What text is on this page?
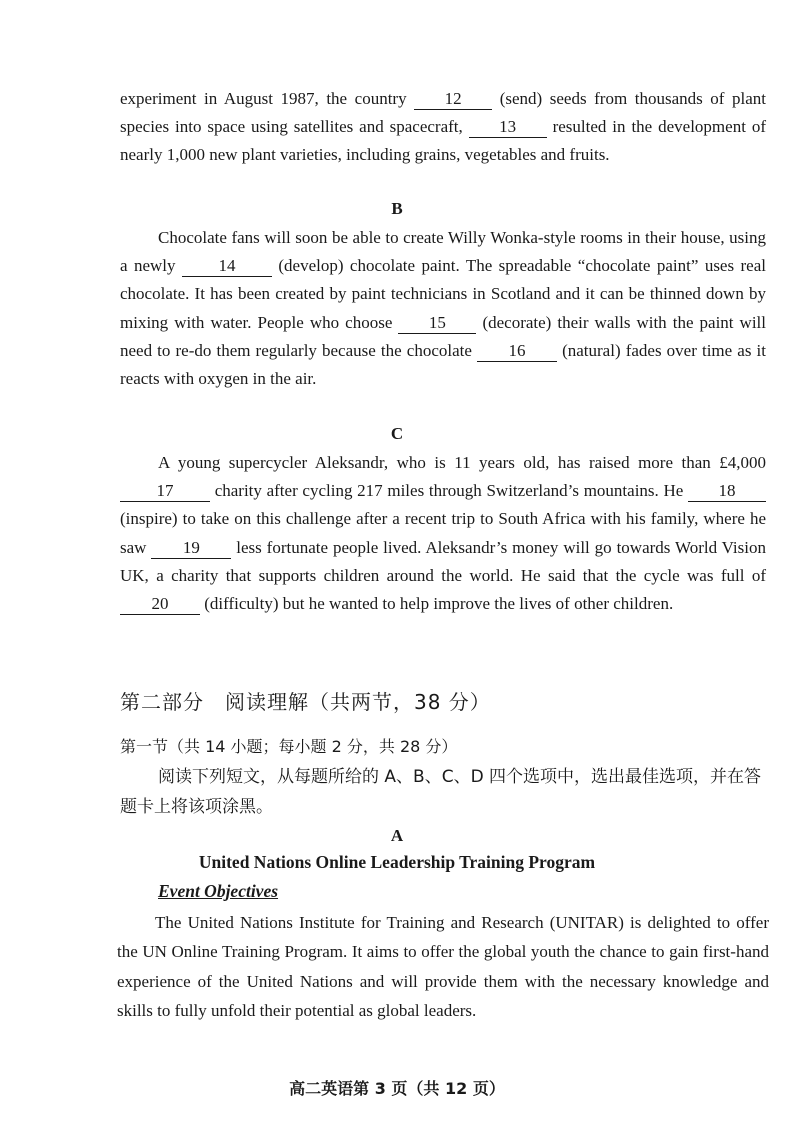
experiment in August 1987, the country 12 (send) seeds from thousands of plant species into space using satellites and spacecraft, 13 resulted in the development of nearly 1,000 new plant varieties, including grains, vegetables and fruits.
B
Chocolate fans will soon be able to create Willy Wonka-style rooms in their house, using a newly 14 (develop) chocolate paint. The spreadable “chocolate paint” uses real chocolate. It has been created by paint technicians in Scotland and it can be thinned down by mixing with water. People who choose 15 (decorate) their walls with the paint will need to re-do them regularly because the chocolate 16 (natural) fades over time as it reacts with oxygen in the air.
C
A young supercycler Aleksandr, who is 11 years old, has raised more than £4,000 17 charity after cycling 217 miles through Switzerland’s mountains. He 18 (inspire) to take on this challenge after a recent trip to South Africa with his family, where he saw 19 less fortunate people lived. Aleksandr’s money will go towards World Vision UK, a charity that supports children around the world. He said that the cycle was full of 20 (difficulty) but he wanted to help improve the lives of other children.
第二部分　阅读理解（共两节，38 分）
第一节（共 14 小题；每小题 2 分，共 28 分）
阅读下列短文，从每题所给的 A、B、C、D 四个选项中，选出最佳选项，并在答题卡上将该项涂黑。
A
United Nations Online Leadership Training Program
Event Objectives
The United Nations Institute for Training and Research (UNITAR) is delighted to offer the UN Online Training Program. It aims to offer the global youth the chance to gain first-hand experience of the United Nations and will provide them with the necessary knowledge and skills to fully unfold their potential as global leaders.
高二英语第 3 页（共 12 页）
